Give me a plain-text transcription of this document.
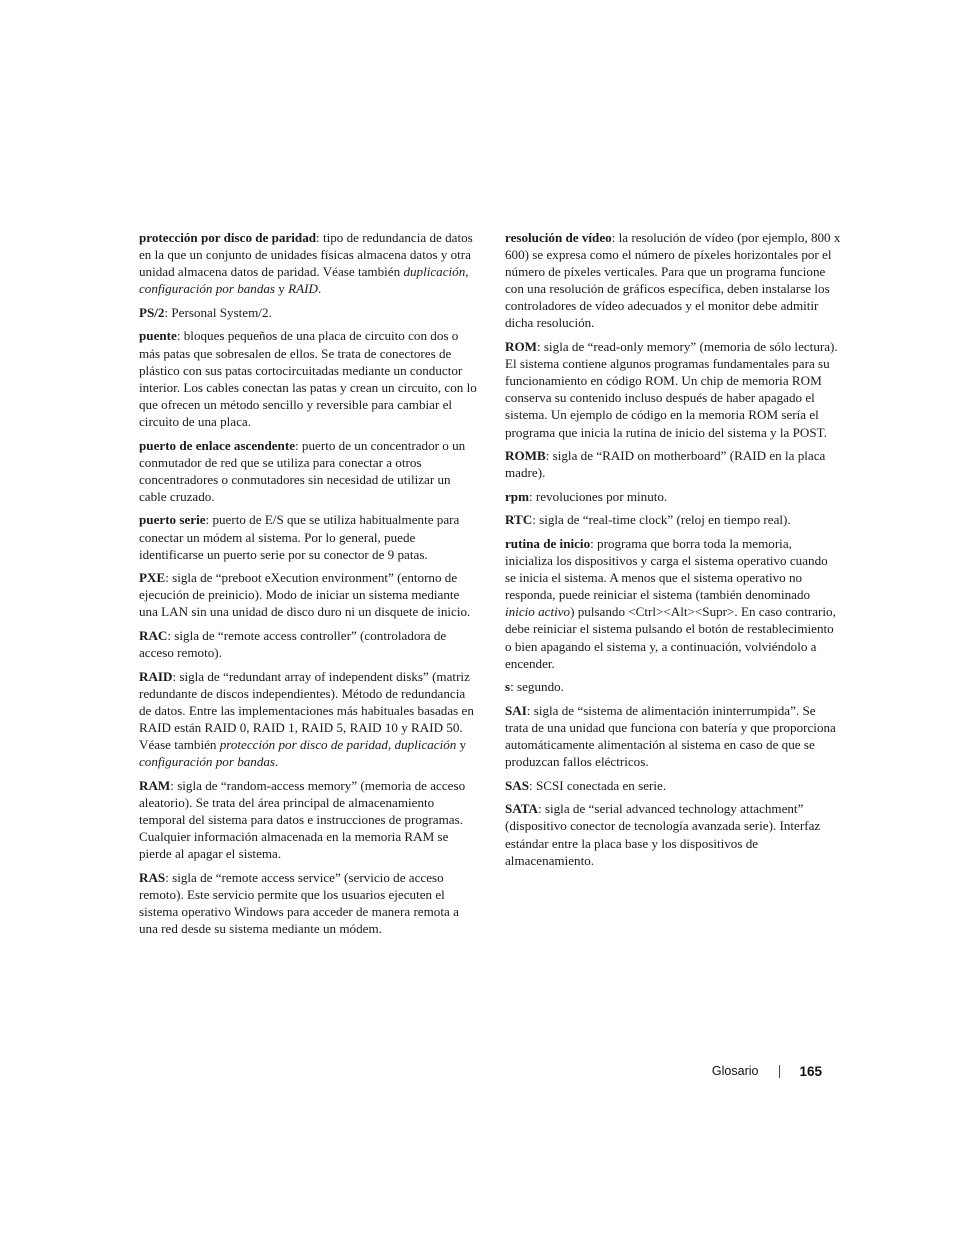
protección por disco de paridad: tipo de redundancia de datos en la que un conjunto de unidades físicas almacena datos y otra unidad almacena datos de paridad. Véase también duplicación, configuración por bandas y RAID.

PS/2: Personal System/2.

puente: bloques pequeños de una placa de circuito con dos o más patas que sobresalen de ellos. Se trata de conectores de plástico con sus patas cortocircuitadas mediante un conductor interior. Los cables conectan las patas y crean un circuito, con lo que ofrecen un método sencillo y reversible para cambiar el circuito de una placa.

puerto de enlace ascendente: puerto de un concentrador o un conmutador de red que se utiliza para conectar a otros concentradores o conmutadores sin necesidad de utilizar un cable cruzado.

puerto serie: puerto de E/S que se utiliza habitualmente para conectar un módem al sistema. Por lo general, puede identificarse un puerto serie por su conector de 9 patas.

PXE: sigla de “preboot eXecution environment” (entorno de ejecución de preinicio). Modo de iniciar un sistema mediante una LAN sin una unidad de disco duro ni un disquete de inicio.

RAC: sigla de “remote access controller” (controladora de acceso remoto).

RAID: sigla de “redundant array of independent disks” (matriz redundante de discos independientes). Método de redundancia de datos. Entre las implementaciones más habituales basadas en RAID están RAID 0, RAID 1, RAID 5, RAID 10 y RAID 50. Véase también protección por disco de paridad, duplicación y configuración por bandas.

RAM: sigla de “random-access memory” (memoria de acceso aleatorio). Se trata del área principal de almacenamiento temporal del sistema para datos e instrucciones de programas. Cualquier información almacenada en la memoria RAM se pierde al apagar el sistema.

RAS: sigla de “remote access service” (servicio de acceso remoto). Este servicio permite que los usuarios ejecuten el sistema operativo Windows para acceder de manera remota a una red desde su sistema mediante un módem.

resolución de vídeo: la resolución de vídeo (por ejemplo, 800 x 600) se expresa como el número de píxeles horizontales por el número de píxeles verticales. Para que un programa funcione con una resolución de gráficos específica, deben instalarse los controladores de vídeo adecuados y el monitor debe admitir dicha resolución.

ROM: sigla de “read-only memory” (memoria de sólo lectura). El sistema contiene algunos programas fundamentales para su funcionamiento en código ROM. Un chip de memoria ROM conserva su contenido incluso después de haber apagado el sistema. Un ejemplo de código en la memoria ROM sería el programa que inicia la rutina de inicio del sistema y la POST.

ROMB: sigla de “RAID on motherboard” (RAID en la placa madre).

rpm: revoluciones por minuto.

RTC: sigla de “real-time clock” (reloj en tiempo real).

rutina de inicio: programa que borra toda la memoria, inicializa los dispositivos y carga el sistema operativo cuando se inicia el sistema. A menos que el sistema operativo no responda, puede reiniciar el sistema (también denominado inicio activo) pulsando <Ctrl><Alt><Supr>. En caso contrario, debe reiniciar el sistema pulsando el botón de restablecimiento o bien apagando el sistema y, a continuación, volviéndolo a encender.

s: segundo.

SAI: sigla de “sistema de alimentación ininterrumpida”. Se trata de una unidad que funciona con batería y que proporciona automáticamente alimentación al sistema en caso de que se produzcan fallos eléctricos.

SAS: SCSI conectada en serie.

SATA: sigla de “serial advanced technology attachment” (dispositivo conector de tecnología avanzada serie). Interfaz estándar entre la placa base y los dispositivos de almacenamiento.

Glosario	165
